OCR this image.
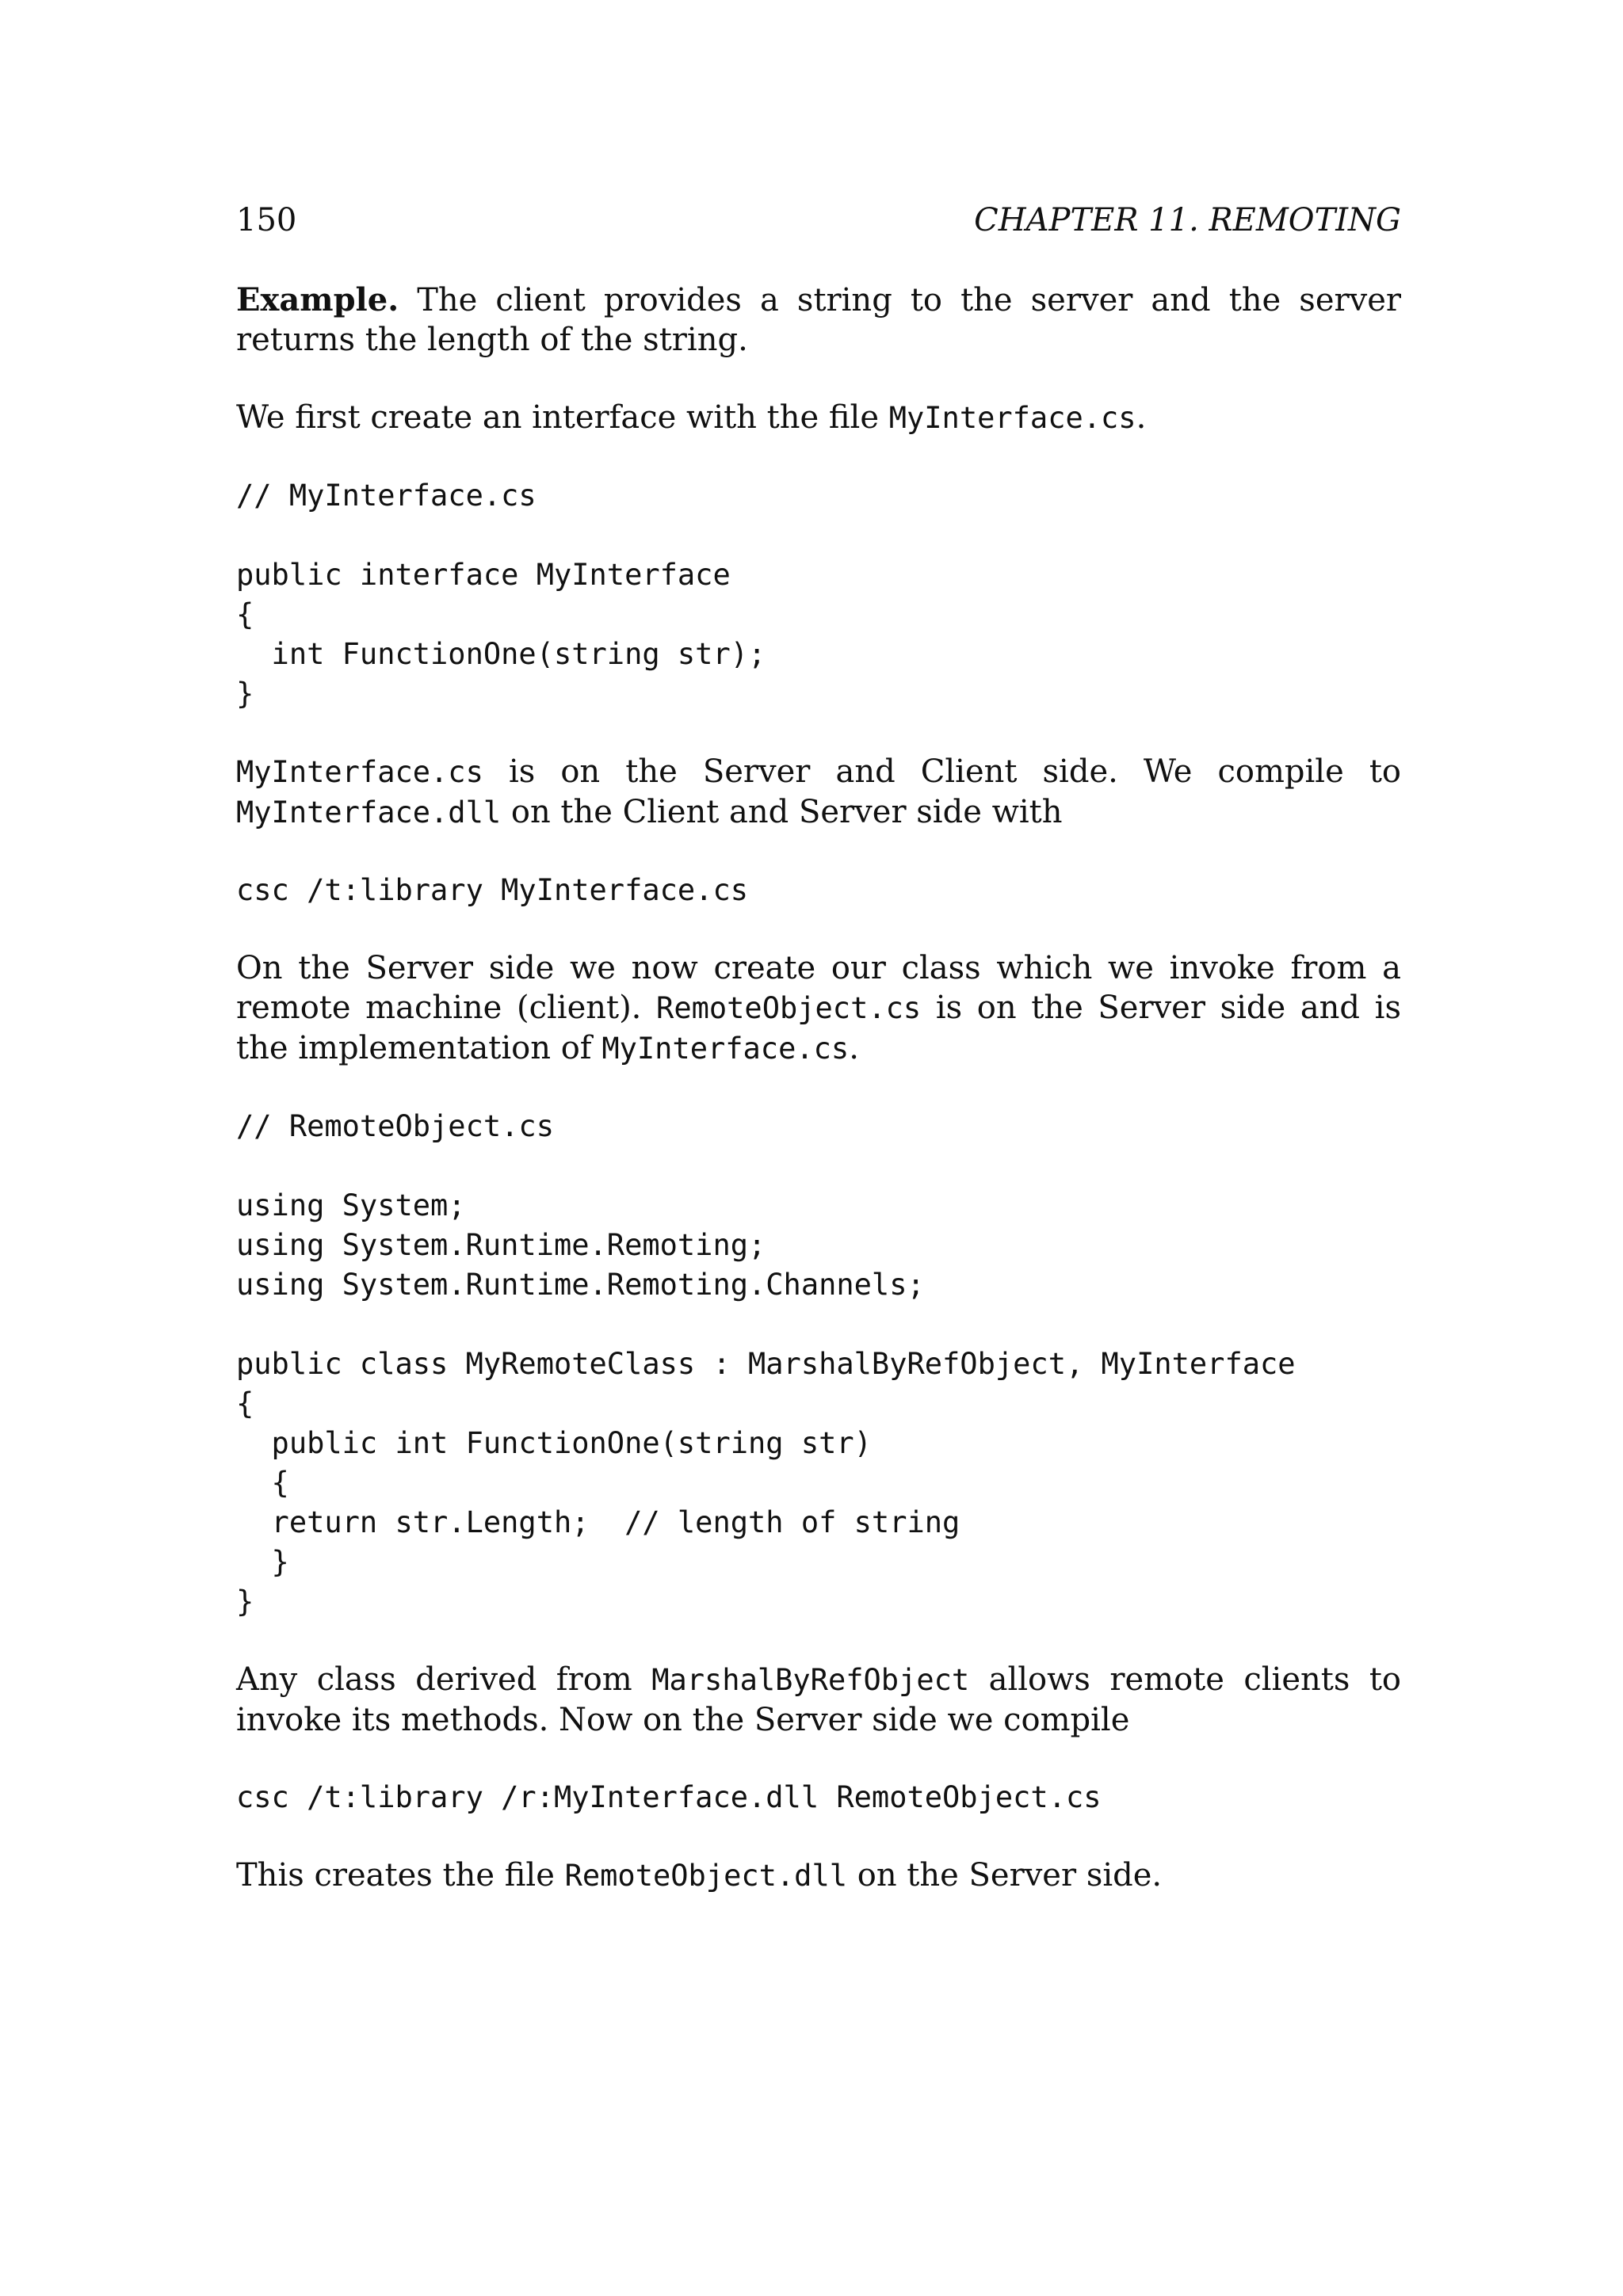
150	CHAPTER 11. REMOTING

Example. The client provides a string to the server and the server returns the length of the string.

We first create an interface with the file MyInterface.cs.

// MyInterface.cs

public interface MyInterface
{
int FunctionOne(string str);
}

MyInterface.cs is on the Server and Client side. We compile to MyInterface.dll on the Client and Server side with

csc /t:library MyInterface.cs

On the Server side we now create our class which we invoke from a remote machine (client). RemoteObject.cs is on the Server side and is the implementation of MyInterface.cs.

// RemoteObject.cs

using System;
using System.Runtime.Remoting;
using System.Runtime.Remoting.Channels;

public class MyRemoteClass : MarshalByRefObject, MyInterface
{
public int FunctionOne(string str)
{
return str.Length;  // length of string
}
}

Any class derived from MarshalByRefObject allows remote clients to invoke its methods. Now on the Server side we compile

csc /t:library /r:MyInterface.dll RemoteObject.cs

This creates the file RemoteObject.dll on the Server side.
